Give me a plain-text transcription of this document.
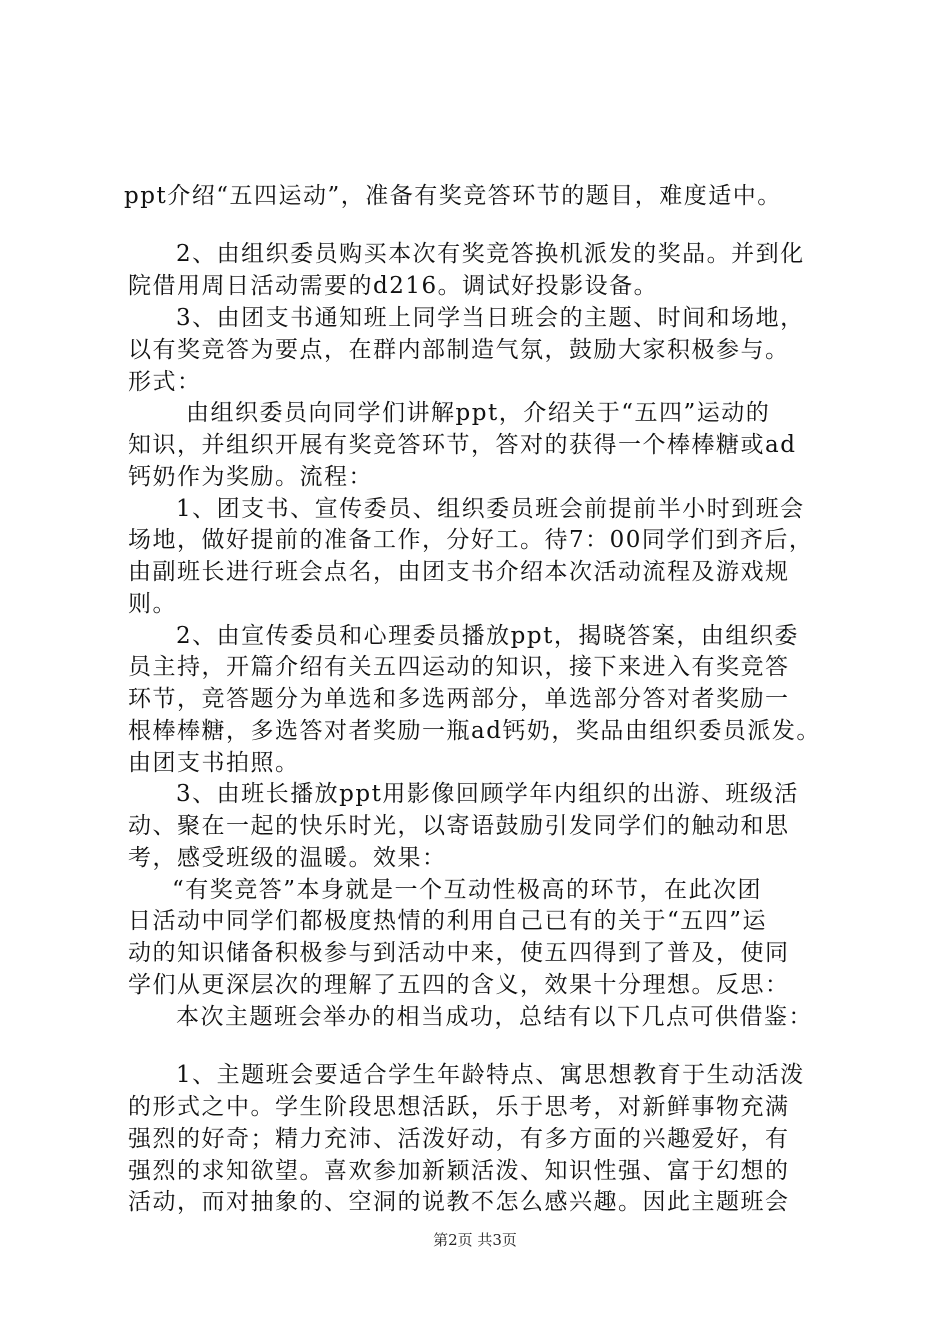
ppt介绍“五四运动”，准备有奖竞答环节的题目，难度适中。
2、由组织委员购买本次有奖竞答换机派发的奖品。并到化
院借用周日活动需要的d216。调试好投影设备。
3、由团支书通知班上同学当日班会的主题、时间和场地，
以有奖竞答为要点，在群内部制造气氛，鼓励大家积极参与。
形式：
由组织委员向同学们讲解ppt，介绍关于“五四”运动的
知识，并组织开展有奖竞答环节，答对的获得一个棒棒糖或ad
钙奶作为奖励。流程：
1、团支书、宣传委员、组织委员班会前提前半小时到班会
场地，做好提前的准备工作，分好工。待7：00同学们到齐后，
由副班长进行班会点名，由团支书介绍本次活动流程及游戏规
则。
2、由宣传委员和心理委员播放ppt，揭晓答案，由组织委
员主持，开篇介绍有关五四运动的知识，接下来进入有奖竞答
环节，竞答题分为单选和多选两部分，单选部分答对者奖励一
根棒棒糖，多选答对者奖励一瓶ad钙奶，奖品由组织委员派发。
由团支书拍照。
3、由班长播放ppt用影像回顾学年内组织的出游、班级活
动、聚在一起的快乐时光，以寄语鼓励引发同学们的触动和思
考，感受班级的温暖。效果：
“有奖竞答”本身就是一个互动性极高的环节，在此次团
日活动中同学们都极度热情的利用自己已有的关于“五四”运
动的知识储备积极参与到活动中来，使五四得到了普及，使同
学们从更深层次的理解了五四的含义，效果十分理想。反思：
本次主题班会举办的相当成功，总结有以下几点可供借鉴：
1、主题班会要适合学生年龄特点、寓思想教育于生动活泼
的形式之中。学生阶段思想活跃，乐于思考，对新鲜事物充满
强烈的好奇；精力充沛、活泼好动，有多方面的兴趣爱好，有
强烈的求知欲望。喜欢参加新颖活泼、知识性强、富于幻想的
活动，而对抽象的、空洞的说教不怎么感兴趣。因此主题班会
第2页 共3页
